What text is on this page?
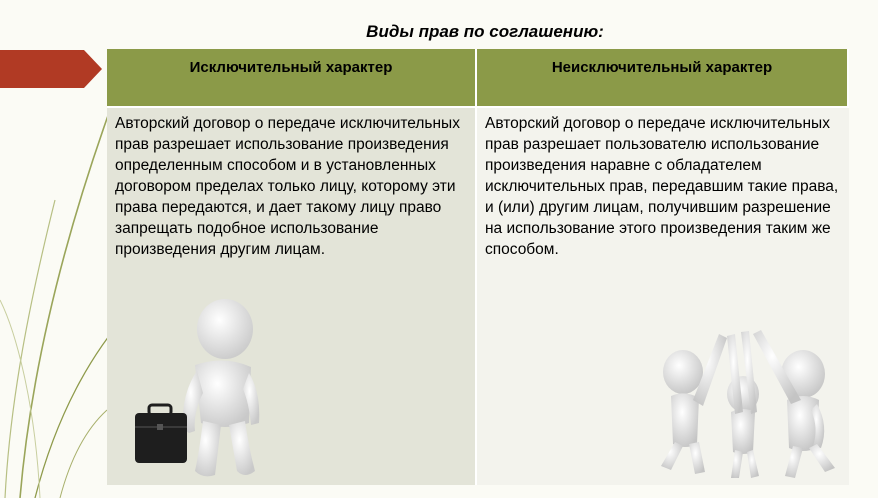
Виды прав по соглашению:
Исключительный характер	Неисключительный характер
Авторский договор о передаче исключительных прав разрешает использование произведения определенным способом и в установленных договором пределах только лицу, которому эти права передаются, и дает такому лицу право запрещать подобное использование произведения другим лицам.
Авторский договор о передаче исключительных прав разрешает пользователю использование произведения наравне с обладателем исключительных прав, передавшим такие права, и (или) другим лицам, получившим разрешение на использование этого произведения таким же способом.
